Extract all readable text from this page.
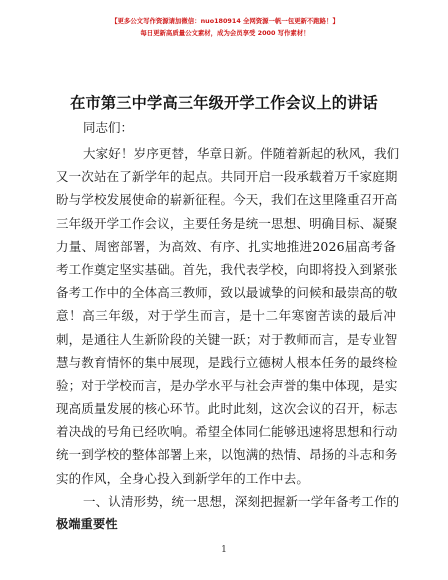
【更多公文写作资源请加微信：nuo180914 全网资源一帆一包更新不跑路！】
每日更新高质量公文素材，成为会员享受 2000 写作素材！
在市第三中学高三年级开学工作会议上的讲话
同志们：
大家好！岁序更替，华章日新。伴随着新起的秋风，我们
又一次站在了新学年的起点。共同开启一段承载着万千家庭期
盼与学校发展使命的崭新征程。今天，我们在这里隆重召开高
三年级开学工作会议，主要任务是统一思想、明确目标、凝聚
力量、周密部署，为高效、有序、扎实地推进2026届高考备
考工作奠定坚实基础。首先，我代表学校，向即将投入到紧张
备考工作中的全体高三教师，致以最诚挚的问候和最崇高的敬
意！高三年级，对于学生而言，是十二年寒窗苦读的最后冲
刺，是通往人生新阶段的关键一跃；对于教师而言，是专业智
慧与教育情怀的集中展现，是践行立德树人根本任务的最终检
验；对于学校而言，是办学水平与社会声誉的集中体现，是实
现高质量发展的核心环节。此时此刻，这次会议的召开，标志
着决战的号角已经吹响。希望全体同仁能够迅速将思想和行动
统一到学校的整体部署上来，以饱满的热情、昂扬的斗志和务
实的作风，全身心投入到新学年的工作中去。
一、认清形势，统一思想，深刻把握新一学年备考工作的
极端重要性
1
